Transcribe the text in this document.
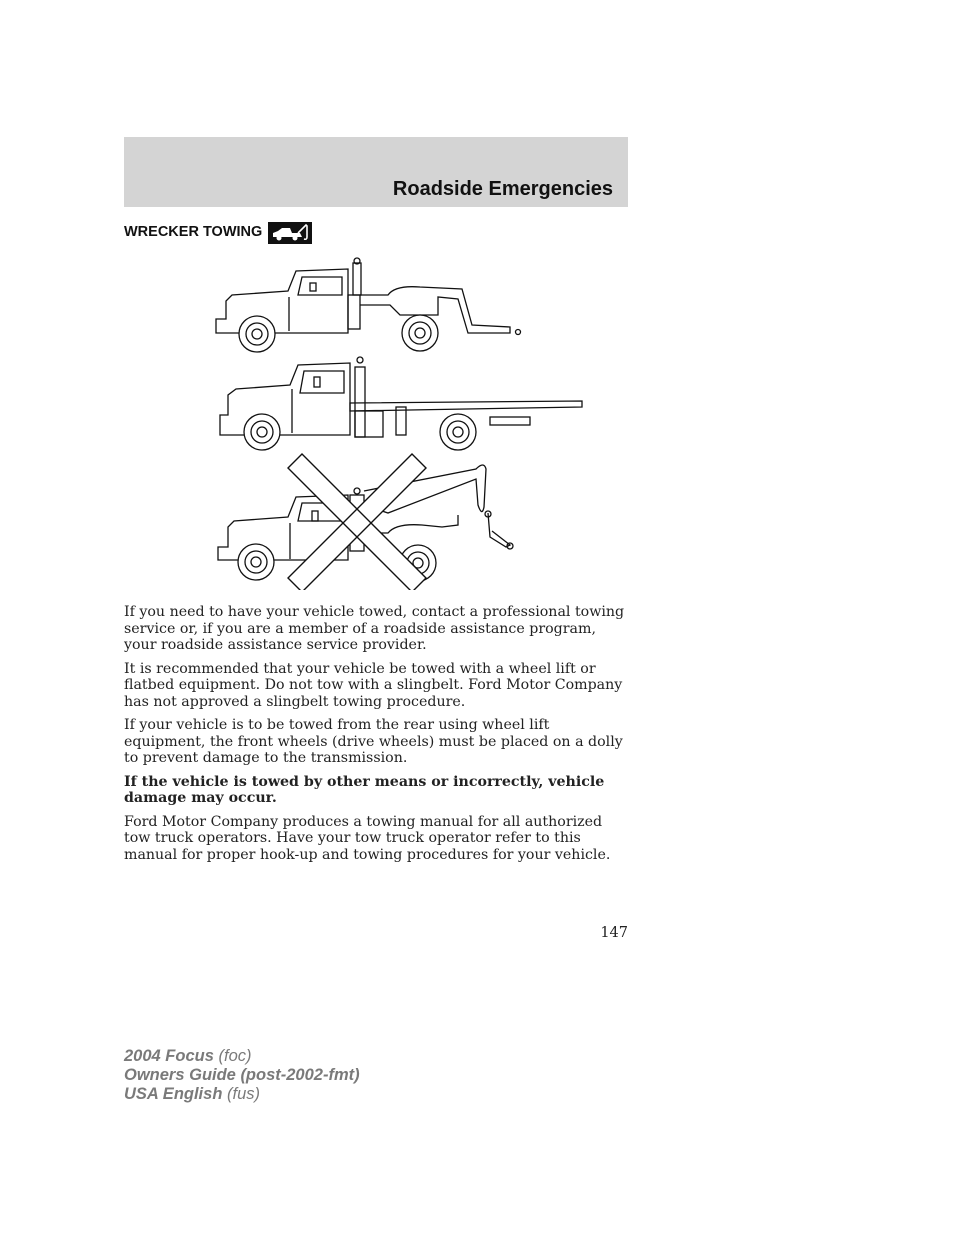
Roadside Emergencies
WRECKER TOWING

If you need to have your vehicle towed, contact a professional towing service or, if you are a member of a roadside assistance program, your roadside assistance service provider.

It is recommended that your vehicle be towed with a wheel lift or flatbed equipment. Do not tow with a slingbelt. Ford Motor Company has not approved a slingbelt towing procedure.

If your vehicle is to be towed from the rear using wheel lift equipment, the front wheels (drive wheels) must be placed on a dolly to prevent damage to the transmission.

If the vehicle is towed by other means or incorrectly, vehicle damage may occur.

Ford Motor Company produces a towing manual for all authorized tow truck operators. Have your tow truck operator refer to this manual for proper hook-up and towing procedures for your vehicle.

147
2004 Focus (foc)
Owners Guide (post-2002-fmt)
USA English (fus)
